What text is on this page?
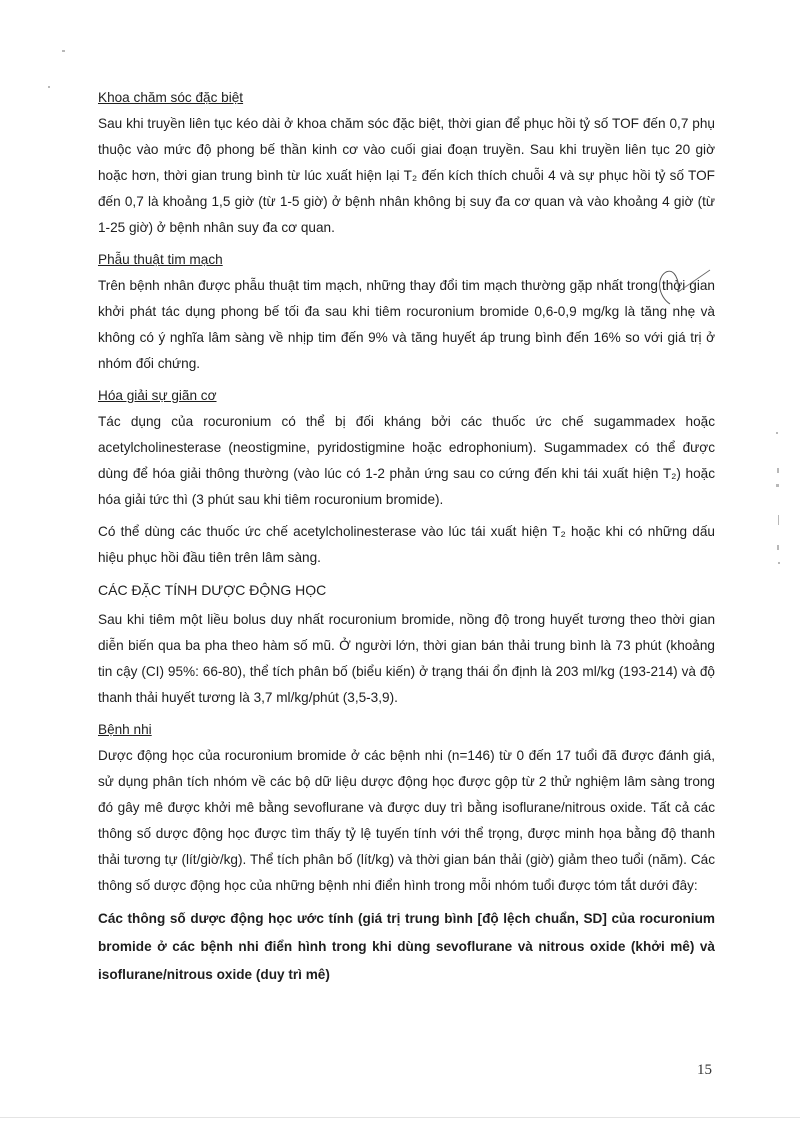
Khoa chăm sóc đặc biệt

Sau khi truyền liên tục kéo dài ở khoa chăm sóc đặc biệt, thời gian để phục hồi tỷ số TOF đến 0,7 phụ thuộc vào mức độ phong bế thần kinh cơ vào cuối giai đoạn truyền. Sau khi truyền liên tục 20 giờ hoặc hơn, thời gian trung bình từ lúc xuất hiện lại T₂ đến kích thích chuỗi 4 và sự phục hồi tỷ số TOF đến 0,7 là khoảng 1,5 giờ (từ 1-5 giờ) ở bệnh nhân không bị suy đa cơ quan và vào khoảng 4 giờ (từ 1-25 giờ) ở bệnh nhân suy đa cơ quan.

Phẫu thuật tim mạch

Trên bệnh nhân được phẫu thuật tim mạch, những thay đổi tim mạch thường gặp nhất trong thời gian khởi phát tác dụng phong bế tối đa sau khi tiêm rocuronium bromide 0,6-0,9 mg/kg là tăng nhẹ và không có ý nghĩa lâm sàng về nhịp tim đến 9% và tăng huyết áp trung bình đến 16% so với giá trị ở nhóm đối chứng.

Hóa giải sự giãn cơ

Tác dụng của rocuronium có thể bị đối kháng bởi các thuốc ức chế sugammadex hoặc acetylcholinesterase (neostigmine, pyridostigmine hoặc edrophonium). Sugammadex có thể được dùng để hóa giải thông thường (vào lúc có 1-2 phản ứng sau co cứng đến khi tái xuất hiện T₂) hoặc hóa giải tức thì (3 phút sau khi tiêm rocuronium bromide).

Có thể dùng các thuốc ức chế acetylcholinesterase vào lúc tái xuất hiện T₂ hoặc khi có những dấu hiệu phục hồi đầu tiên trên lâm sàng.

CÁC ĐẶC TÍNH DƯỢC ĐỘNG HỌC

Sau khi tiêm một liều bolus duy nhất rocuronium bromide, nồng độ trong huyết tương theo thời gian diễn biến qua ba pha theo hàm số mũ. Ở người lớn, thời gian bán thải trung bình là 73 phút (khoảng tin cậy (CI) 95%: 66-80), thể tích phân bố (biểu kiến) ở trạng thái ổn định là 203 ml/kg (193-214) và độ thanh thải huyết tương là 3,7 ml/kg/phút (3,5-3,9).

Bệnh nhi

Dược động học của rocuronium bromide ở các bệnh nhi (n=146) từ 0 đến 17 tuổi đã được đánh giá, sử dụng phân tích nhóm về các bộ dữ liệu dược động học được gộp từ 2 thử nghiệm lâm sàng trong đó gây mê được khởi mê bằng sevoflurane và được duy trì bằng isoflurane/nitrous oxide. Tất cả các thông số dược động học được tìm thấy tỷ lệ tuyến tính với thể trọng, được minh họa bằng độ thanh thải tương tự (lít/giờ/kg). Thể tích phân bố (lít/kg) và thời gian bán thải (giờ) giảm theo tuổi (năm). Các thông số dược động học của những bệnh nhi điển hình trong mỗi nhóm tuổi được tóm tắt dưới đây:

Các thông số dược động học ước tính (giá trị trung bình [độ lệch chuẩn, SD] của rocuronium bromide ở các bệnh nhi điển hình trong khi dùng sevoflurane và nitrous oxide (khởi mê) và isoflurane/nitrous oxide (duy trì mê)

15
